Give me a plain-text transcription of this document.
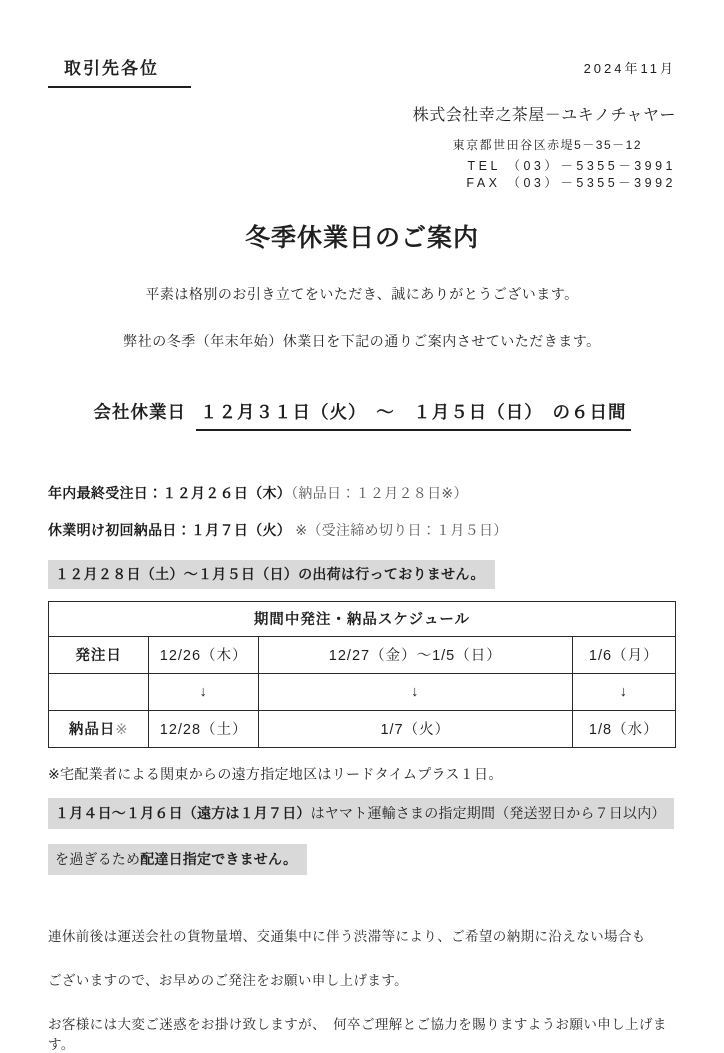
取引先各位	2024年11月
株式会社幸之茶屋－ユキノチャヤー
東京都世田谷区赤堤5－35－12
TEL （03）－5355－3991
FAX （03）－5355－3992
冬季休業日のご案内

平素は格別のお引き立てをいただき、誠にありがとうございます。

弊社の冬季（年末年始）休業日を下記の通りご案内させていただきます。

会社休業日 １２月３１日（火）　～　１月５日（日）　の６日間

年内最終受注日：１２月２６日（木）（納品日：１２月２８日※）

休業明け初回納品日：１月７日（火） ※（受注締め切り日：１月５日）

１２月２８日（土）～１月５日（日）の出荷は行っておりません。
期間中発注・納品スケジュール			
発注日	12/26（木）	12/27（金）～1/5（日）	1/6（月）
	↓	↓	↓
納品日※	12/28（土）	1/7（火）	1/8（水）

※宅配業者による関東からの遠方指定地区はリードタイムプラス１日。

１月４日～１月６日（遠方は１月７日）はヤマト運輸さまの指定期間（発送翌日から７日以内）
を過ぎるため配達日指定できません。

連休前後は運送会社の貨物量増、交通集中に伴う渋滞等により、ご希望の納期に沿えない場合も

ございますので、お早めのご発注をお願い申し上げます。

お客様には大変ご迷惑をお掛け致しますが、　何卒ご理解とご協力を賜りますようお願い申し上げます。
